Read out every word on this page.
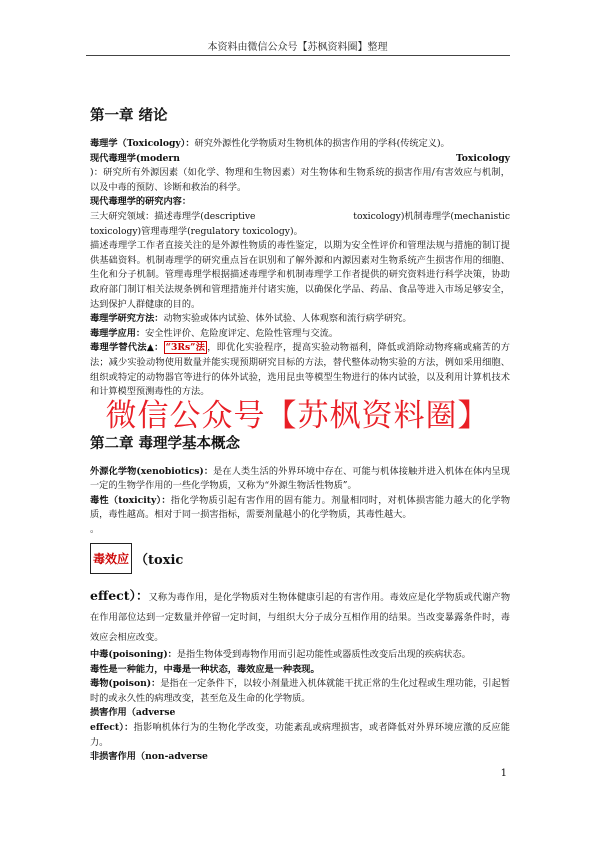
本资料由微信公众号【苏枫资料圈】整理
第一章 绪论

毒理学（Toxicology）：研究外源性化学物质对生物机体的损害作用的学科(传统定义)。

现代毒理学(modern	Toxicology

)：研究所有外源因素（如化学、物理和生物因素）对生物体和生物系统的损害作用/有害效应与机制，以及中毒的预防、诊断和救治的科学。

现代毒理学的研究内容：

三大研究领域：描述毒理学(descriptive	toxicology)机制毒理学(mechanistic

toxicology)管理毒理学(regulatory toxicology)。

描述毒理学工作者直接关注的是外源性物质的毒性鉴定，以期为安全性评价和管理法规与措施的制订提供基础资料。机制毒理学的研究重点旨在识别和了解外源和内源因素对生物系统产生损害作用的细胞、生化和分子机制。管理毒理学根据描述毒理学和机制毒理学工作者提供的研究资料进行科学决策，协助政府部门制订相关法规条例和管理措施并付诸实施，以确保化学品、药品、食品等进入市场足够安全，达到保护人群健康的目的。

毒理学研究方法：动物实验或体内试验、体外试验、人体观察和流行病学研究。

毒理学应用：安全性评价、危险度评定、危险性管理与交流。

毒理学替代法▲： “3Rs”法 ，即优化实验程序，提高实验动物福利，降低或消除动物疼痛或痛苦的方法；减少实验动物使用数量并能实现预期研究目标的方法，替代整体动物实验的方法，例如采用细胞、组织或特定的动物器官等进行的体外试验，选用昆虫等模型生物进行的体内试验，以及利用计算机技术和计算模型预测毒性的方法。

第二章 毒理学基本概念

外源化学物(xenobiotics)：是在人类生活的外界环境中存在、可能与机体接触并进入机体在体内呈现一定的生物学作用的一些化学物质，又称为“外源生物活性物质”。

毒性（toxicity）：指化学物质引起有害作用的固有能力。剂量相同时，对机体损害能力越大的化学物质，毒性越高。相对于同一损害指标，需要剂量越小的化学物质，其毒性越大。

。

毒效应 （toxic

effect）：又称为毒作用，是化学物质对生物体健康引起的有害作用。毒效应是化学物质或代谢产物在作用部位达到一定数量并停留一定时间，与组织大分子成分互相作用的结果。当改变暴露条件时，毒效应会相应改变。

中毒(poisoning)：是指生物体受到毒物作用而引起功能性或器质性改变后出现的疾病状态。

毒性是一种能力，中毒是一种状态，毒效应是一种表现。

毒物(poison)：是指在一定条件下，以较小剂量进入机体就能干扰正常的生化过程或生理功能，引起暂时的或永久性的病理改变，甚至危及生命的化学物质。

损害作用（adverse

effect）：指影响机体行为的生物化学改变，功能紊乱或病理损害，或者降低对外界环境应激的反应能力。

非损害作用（non-adverse

微信公众号【苏枫资料圈】
1
